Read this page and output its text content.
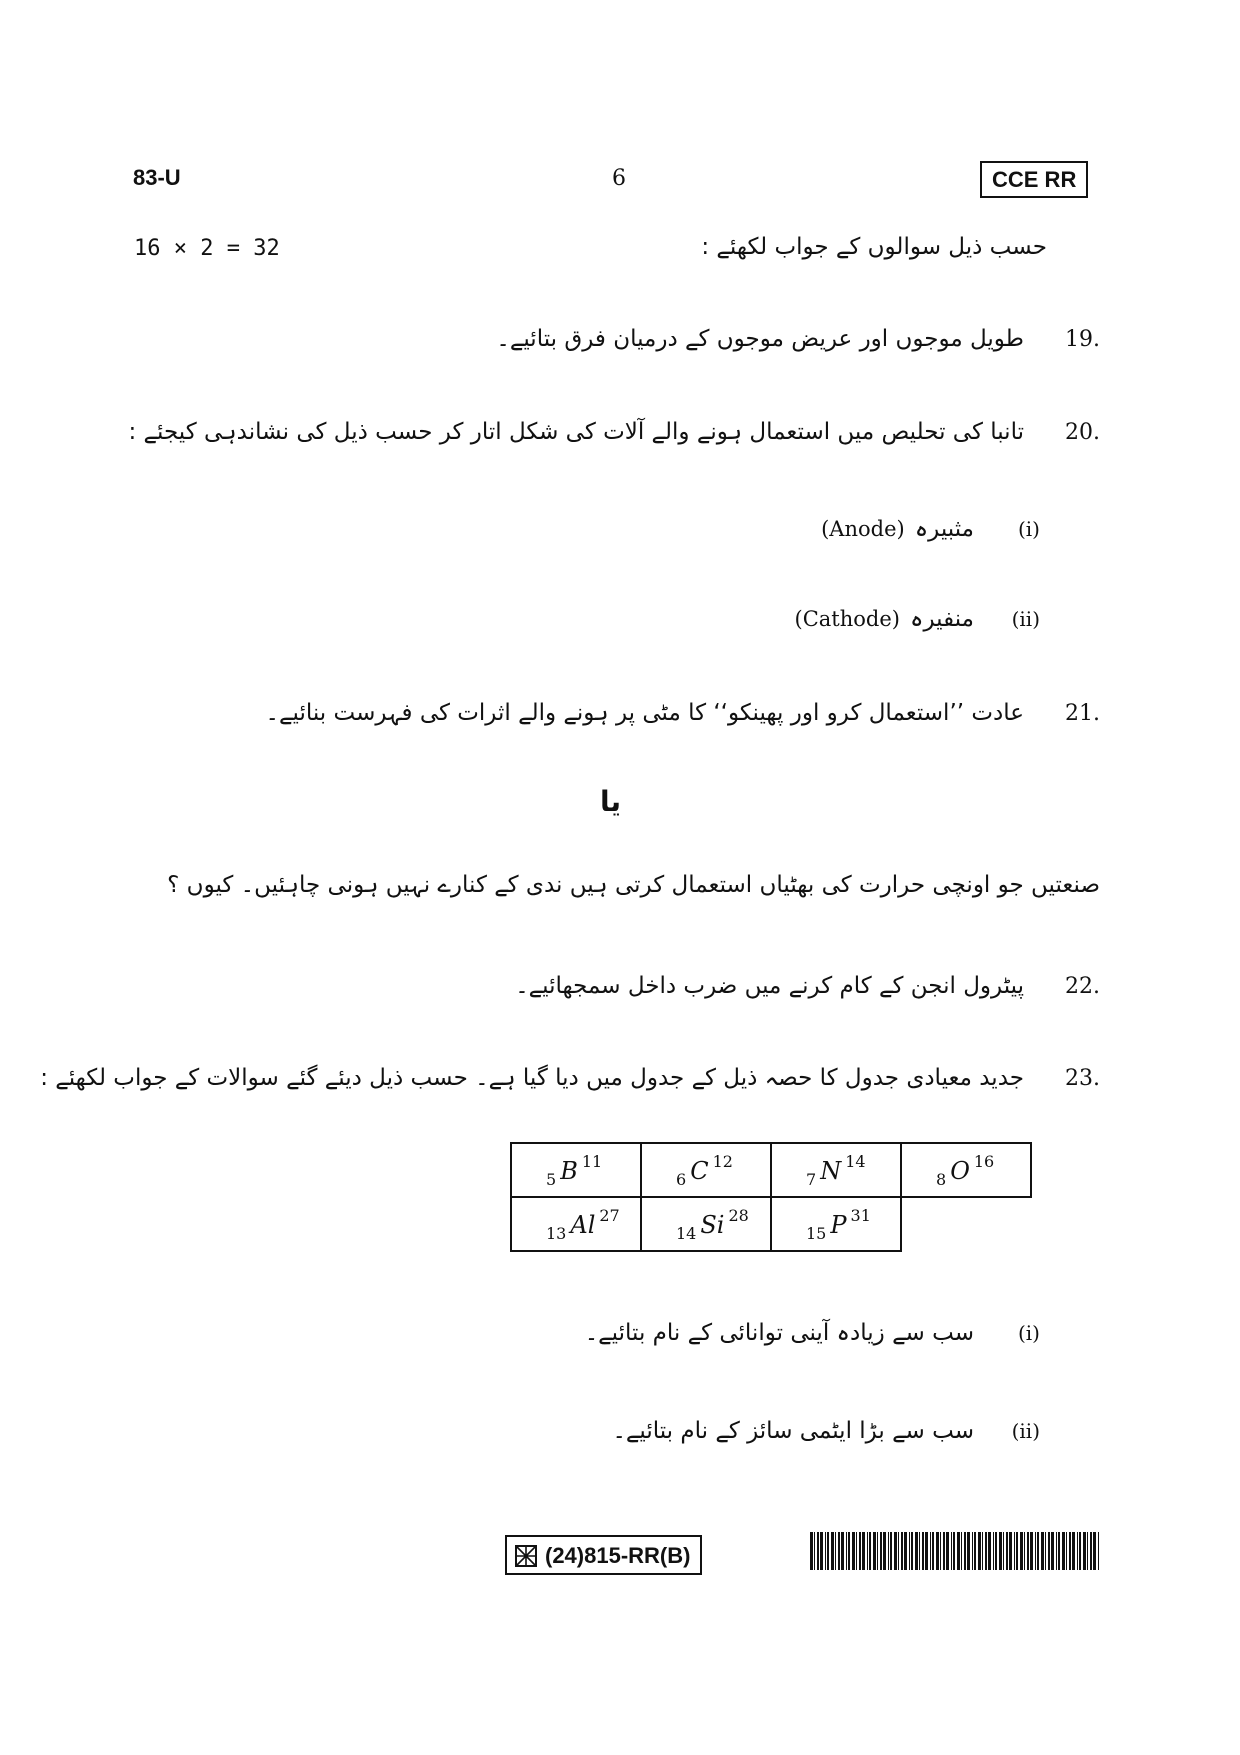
83-U	6	CCE RR
16 × 2 = 32	حسب ذیل سوالوں کے جواب لکھئے :
طویل موجوں اور عریض موجوں کے درمیان فرق بتائیے۔	19.
تانبا کی تحلیص میں استعمال ہونے والے آلات کی شکل اتار کر حسب ذیل کی نشاندہی کیجئے :	20.
(Anode) مثبیرہ	(i)
(Cathode) منفیرہ	(ii)
عادت ’’استعمال کرو اور پھینکو‘‘ کا مٹی پر ہونے والے اثرات کی فہرست بنائیے۔	21.
یا
صنعتیں جو اونچی حرارت کی بھٹیاں استعمال کرتی ہیں ندی کے کنارے نہیں ہونی چاہئیں۔ کیوں ؟
پیٹرول انجن کے کام کرنے میں ضرب داخل سمجھائیے۔	22.
جدید معیادی جدول کا حصہ ذیل کے جدول میں دیا گیا ہے۔ حسب ذیل دیئے گئے سوالات کے جواب لکھئے :	23.
$_5$ B $^{11}$	$_6$ C $^{12}$	$_7$ N $^{14}$	$_8$ O $^{16}$
$_{13}$ Al $^{27}$	$_{14}$ Si $^{28}$	$_{15}$ P $^{31}$	
سب سے زیادہ آینی توانائی کے نام بتائیے۔	(i)
سب سے بڑا ایٹمی سائز کے نام بتائیے۔	(ii)
(24)815-RR(B)
